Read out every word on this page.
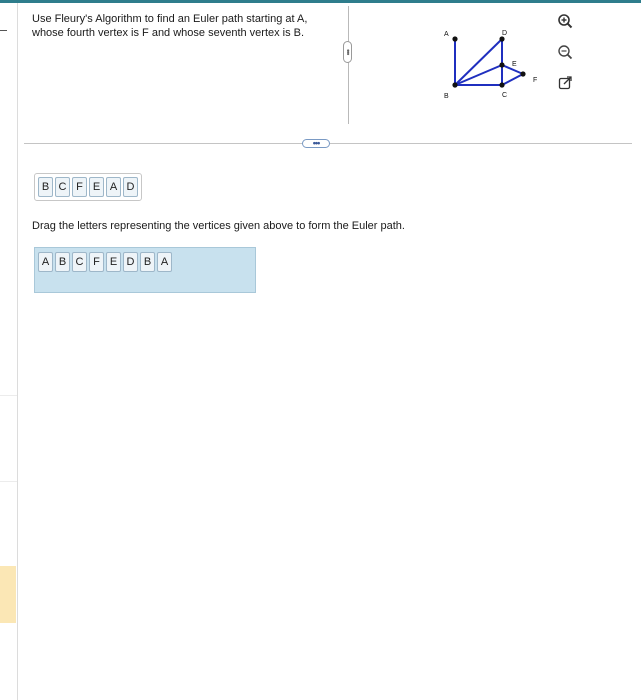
Use Fleury's Algorithm to find an Euler path starting at A,
whose fourth vertex is F and whose seventh vertex is B.
•••
A
B	C
D
E
F
•••
B C F E A D

Drag the letters representing the vertices given above to form the Euler path.

A B C F E D B A
